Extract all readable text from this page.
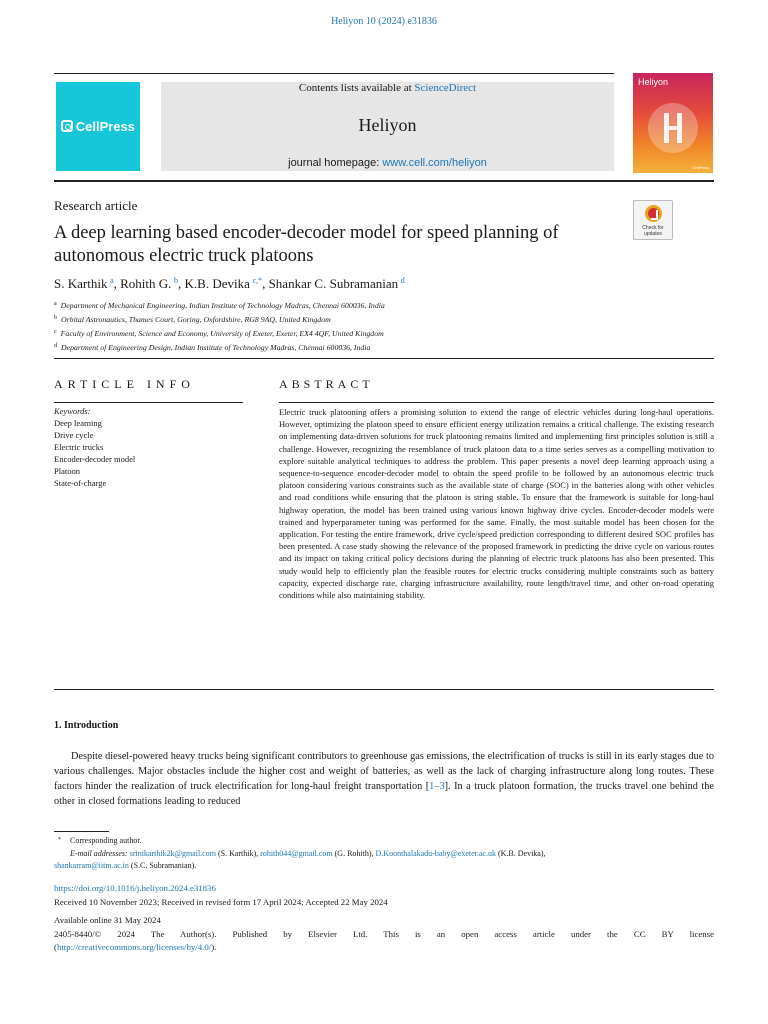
Heliyon 10 (2024) e31836
CellPress
Contents lists available at ScienceDirect
Heliyon
journal homepage: www.cell.com/heliyon
Heliyon
CellPress
Research article
A deep learning based encoder-decoder model for speed planning of autonomous electric truck platoons
Check for updates
S. Karthik  $^a$, Rohith G.  $^b$, K.B. Devika  $^{c,*}$, Shankar C. Subramanian  $^d$
$^a$ Department of Mechanical Engineering, Indian Institute of Technology Madras, Chennai 600036, India
$^b$ Orbital Astronautics, Thames Court, Goring, Oxfordshire, RG8 9AQ, United Kingdom
$^c$ Faculty of Environment, Science and Economy, University of Exeter, Exeter, EX4 4QF, United Kingdom
$^d$ Department of Engineering Design, Indian Institute of Technology Madras, Chennai 600036, India
ARTICLE INFO	ABSTRACT
Keywords:
Deep learning
Drive cycle
Electric trucks
Encoder-decoder model
Platoon
State-of-charge
Electric truck platooning offers a promising solution to extend the range of electric vehicles during long-haul operations. However, optimizing the platoon speed to ensure efficient energy utilization remains a critical challenge. The existing research on implementing data-driven solutions for truck platooning remains limited and implementing first principles solution is still a challenge. However, recognizing the resemblance of truck platoon data to a time series serves as a compelling motivation to explore suitable analytical techniques to address the problem. This paper presents a novel deep learning approach using a sequence-to-sequence encoder-decoder model to obtain the speed profile to be followed by an autonomous electric truck platoon considering various constraints such as the available state of charge (SOC) in the batteries along with other vehicles and road conditions while ensuring that the platoon is string stable. To ensure that the framework is suitable for long-haul highway operation, the model has been trained using various known highway drive cycles. Encoder-decoder models were trained and hyperparameter tuning was performed for the same. Finally, the most suitable model has been chosen for the application. For testing the entire framework, drive cycle/speed prediction corresponding to different desired SOC profiles has been presented. A case study showing the relevance of the proposed framework in predicting the drive cycle on various routes and its impact on taking critical policy decisions during the planning of electric truck platoons has also been presented. This study would help to efficiently plan the feasible routes for electric trucks considering multiple constraints such as battery capacity, expected discharge rate, charging infrastructure availability, route length/travel time, and other on-road operating conditions while also maintaining stability.
1. Introduction
Despite diesel-powered heavy trucks being significant contributors to greenhouse gas emissions, the electrification of trucks is still in its early stages due to various challenges. Major obstacles include the higher cost and weight of batteries, as well as the lack of charging infrastructure along long routes. These factors hinder the realization of truck electrification for long-haul freight transportation [1–3]. In a truck platoon formation, the trucks travel one behind the other in closed formations leading to reduced
* Corresponding author.
E-mail addresses: srinikarthik2k@gmail.com (S. Karthik), rohith044@gmail.com (G. Rohith), D.Koonthalakadu-baby@exeter.ac.uk (K.B. Devika),
shankarram@iitm.ac.in (S.C. Subramanian).
https://doi.org/10.1016/j.heliyon.2024.e31836
Received 10 November 2023; Received in revised form 17 April 2024; Accepted 22 May 2024
Available online 31 May 2024
2405-8440/© 2024 The Author(s). Published by Elsevier Ltd. This is an open access article under the CC BY license
(http://creativecommons.org/licenses/by/4.0/).
